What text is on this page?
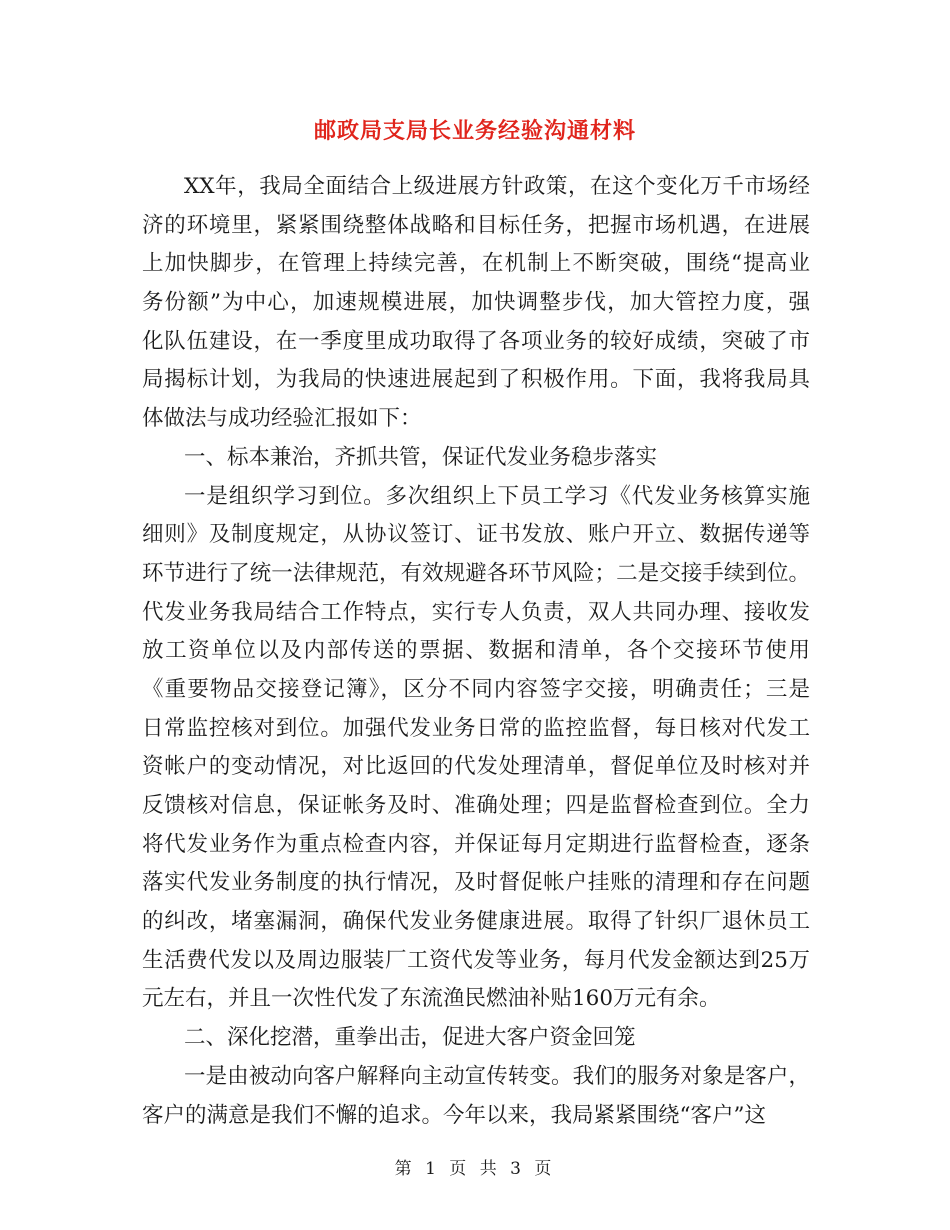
邮政局支局长业务经验沟通材料
XX年，我局全面结合上级进展方针政策，在这个变化万千市场经
济的环境里，紧紧围绕整体战略和目标任务，把握市场机遇，在进展
上加快脚步，在管理上持续完善，在机制上不断突破，围绕“提高业
务份额”为中心，加速规模进展，加快调整步伐，加大管控力度，强
化队伍建设，在一季度里成功取得了各项业务的较好成绩，突破了市
局揭标计划，为我局的快速进展起到了积极作用。下面，我将我局具
体做法与成功经验汇报如下：
一、标本兼治，齐抓共管，保证代发业务稳步落实
一是组织学习到位。多次组织上下员工学习《代发业务核算实施
细则》及制度规定，从协议签订、证书发放、账户开立、数据传递等
环节进行了统一法律规范，有效规避各环节风险；二是交接手续到位。
代发业务我局结合工作特点，实行专人负责，双人共同办理、接收发
放工资单位以及内部传送的票据、数据和清单，各个交接环节使用
《重要物品交接登记簿》，区分不同内容签字交接，明确责任；三是
日常监控核对到位。加强代发业务日常的监控监督，每日核对代发工
资帐户的变动情况，对比返回的代发处理清单，督促单位及时核对并
反馈核对信息，保证帐务及时、准确处理；四是监督检查到位。全力
将代发业务作为重点检查内容，并保证每月定期进行监督检查，逐条
落实代发业务制度的执行情况，及时督促帐户挂账的清理和存在问题
的纠改，堵塞漏洞，确保代发业务健康进展。取得了针织厂退休员工
生活费代发以及周边服装厂工资代发等业务，每月代发金额达到25万
元左右，并且一次性代发了东流渔民燃油补贴160万元有余。
二、深化挖潜，重拳出击，促进大客户资金回笼
一是由被动向客户解释向主动宣传转变。我们的服务对象是客户，
客户的满意是我们不懈的追求。今年以来，我局紧紧围绕“客户”这
第 1 页 共 3 页
